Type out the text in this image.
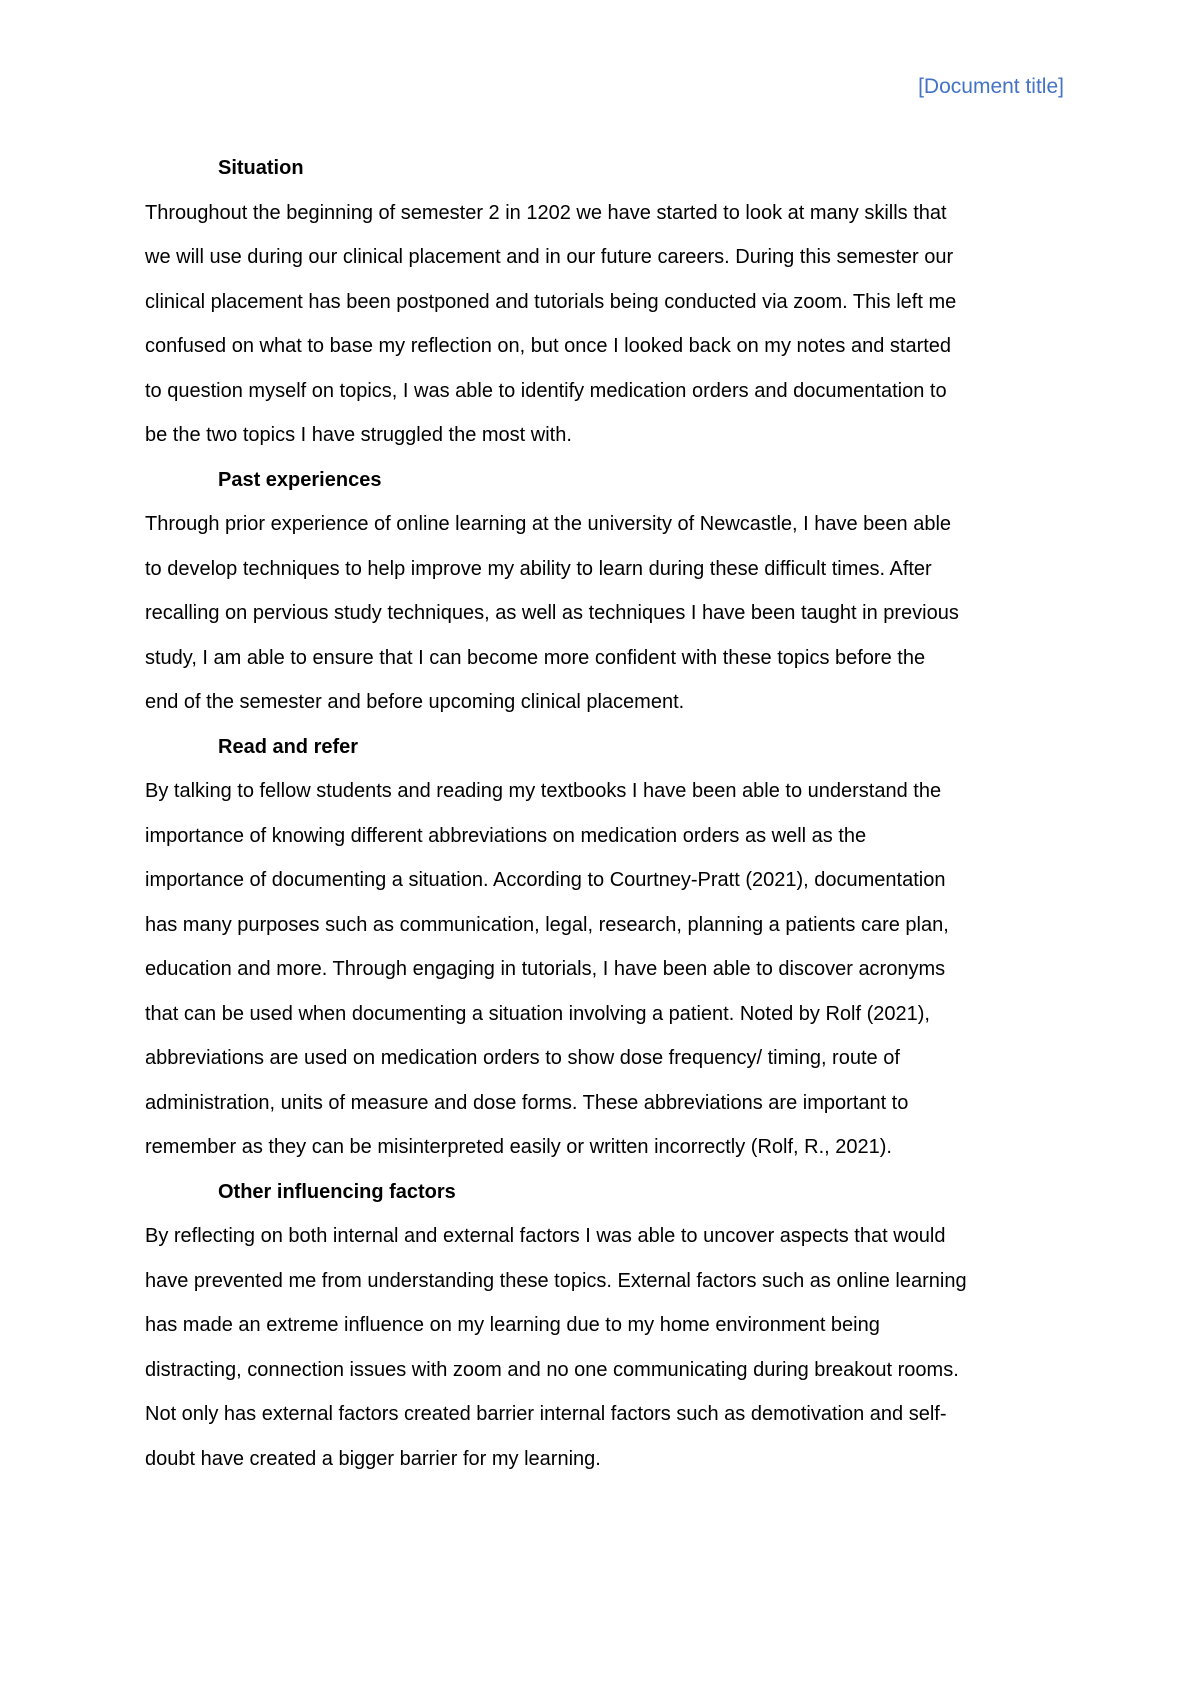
[Document title]
Situation

Throughout the beginning of semester 2 in 1202 we have started to look at many skills that
we will use during our clinical placement and in our future careers. During this semester our
clinical placement has been postponed and tutorials being conducted via zoom. This left me
confused on what to base my reflection on, but once I looked back on my notes and started
to question myself on topics, I was able to identify medication orders and documentation to
be the two topics I have struggled the most with.

Past experiences

Through prior experience of online learning at the university of Newcastle, I have been able
to develop techniques to help improve my ability to learn during these difficult times. After
recalling on pervious study techniques, as well as techniques I have been taught in previous
study, I am able to ensure that I can become more confident with these topics before the
end of the semester and before upcoming clinical placement.

Read and refer

By talking to fellow students and reading my textbooks I have been able to understand the
importance of knowing different abbreviations on medication orders as well as the
importance of documenting a situation. According to Courtney-Pratt (2021), documentation
has many purposes such as communication, legal, research, planning a patients care plan,
education and more. Through engaging in tutorials, I have been able to discover acronyms
that can be used when documenting a situation involving a patient. Noted by Rolf (2021),
abbreviations are used on medication orders to show dose frequency/ timing, route of
administration, units of measure and dose forms. These abbreviations are important to
remember as they can be misinterpreted easily or written incorrectly (Rolf, R., 2021).

Other influencing factors

By reflecting on both internal and external factors I was able to uncover aspects that would
have prevented me from understanding these topics. External factors such as online learning
has made an extreme influence on my learning due to my home environment being
distracting, connection issues with zoom and no one communicating during breakout rooms.
Not only has external factors created barrier internal factors such as demotivation and self-
doubt have created a bigger barrier for my learning.
